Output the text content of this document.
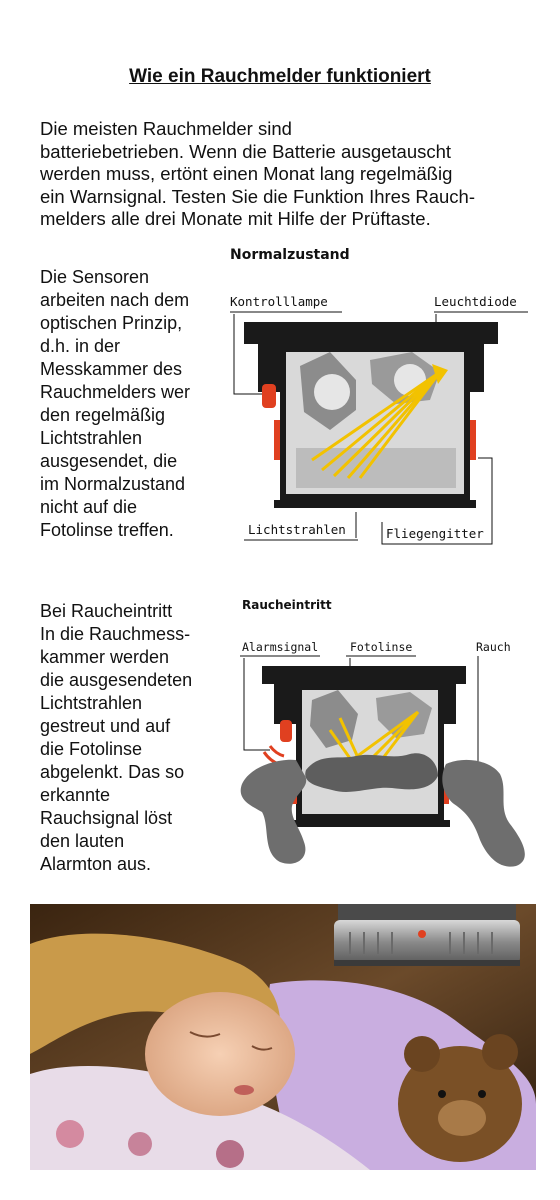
Wie ein Rauchmelder funktioniert
Die meisten Rauchmelder sind
batteriebetrieben. Wenn die Batterie ausgetauscht
werden muss, ertönt einen Monat lang regelmäßig
ein Warnsignal. Testen Sie die Funktion Ihres Rauch-
melders alle drei Monate mit Hilfe der Prüftaste.
Die Sensoren
arbeiten nach dem
optischen Prinzip,
d.h. in der
Messkammer des
Rauchmelders wer
den regelmäßig
Lichtstrahlen
ausgesendet, die
im Normalzustand
nicht auf die
Fotolinse treffen.
Bei Raucheintritt
In die Rauchmess-
kammer werden
die ausgesendeten
Lichtstrahlen
gestreut und auf
die Fotolinse
abgelenkt. Das so
erkannte
Rauchsignal löst
den lauten
Alarmton aus.
Normalzustand
Kontrolllampe	Leuchtdiode
Lichtstrahlen	Fliegengitter
Raucheintritt
Alarmsignal	Fotolinse	Rauch
